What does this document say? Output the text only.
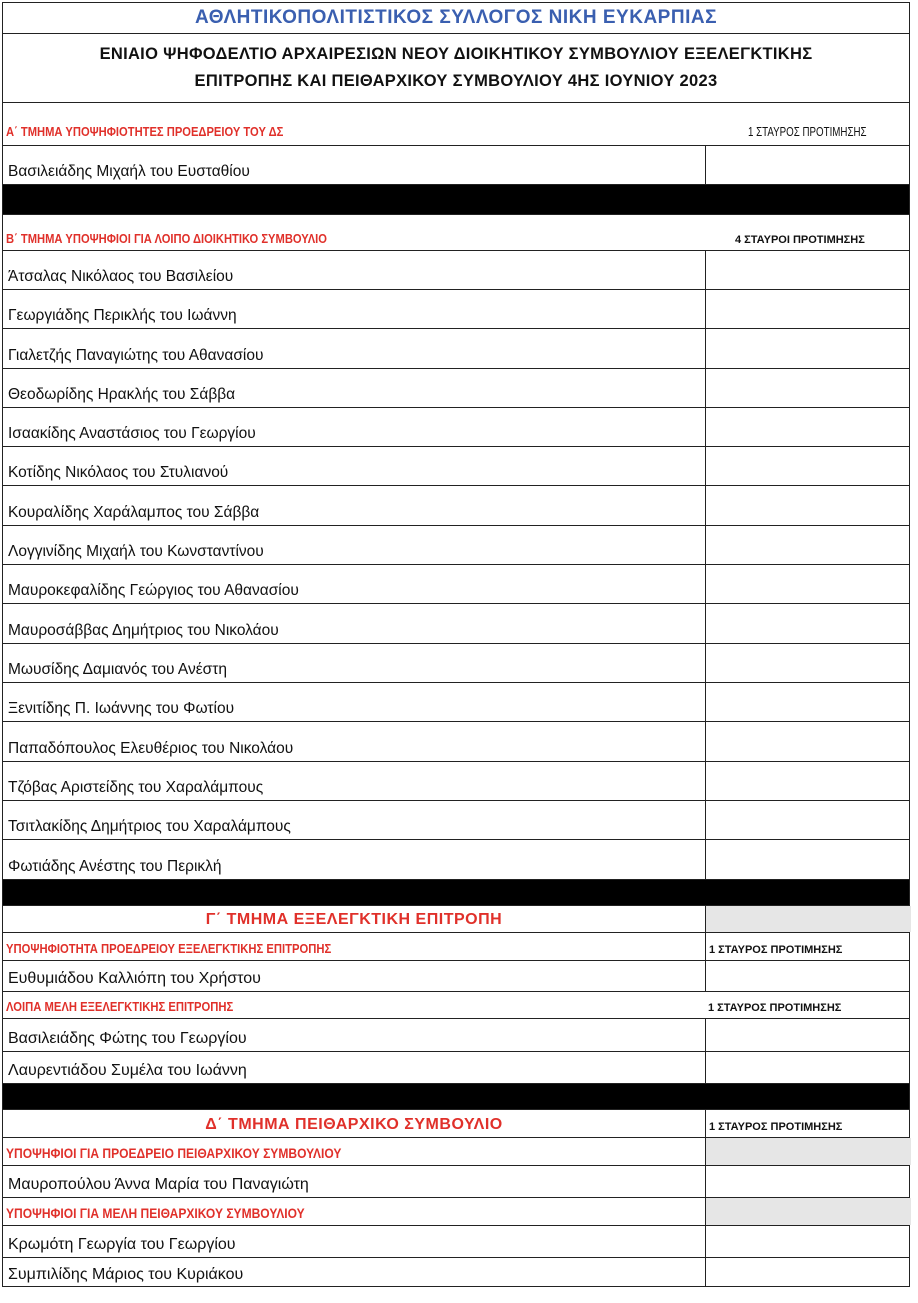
ΑΘΛΗΤΙΚΟΠΟΛΙΤΙΣΤΙΚΟΣ ΣΥΛΛΟΓΟΣ ΝΙΚΗ ΕΥΚΑΡΠΙΑΣ
ΕΝΙΑΙΟ ΨΗΦΟΔΕΛΤΙΟ ΑΡΧΑΙΡΕΣΙΩΝ ΝΕΟΥ ΔΙΟΙΚΗΤΙΚΟΥ ΣΥΜΒΟΥΛΙΟΥ ΕΞΕΛΕΓΚΤΙΚΗΣ
ΕΠΙΤΡΟΠΗΣ ΚΑΙ ΠΕΙΘΑΡΧΙΚΟΥ ΣΥΜΒΟΥΛΙΟΥ 4ΗΣ ΙΟΥΝΙΟΥ 2023
Α΄ ΤΜΗΜΑ ΥΠΟΨΗΦΙΟΤΗΤΕΣ ΠΡΟΕΔΡΕΙΟΥ ΤΟΥ ΔΣ	1 ΣΤΑΥΡΟΣ ΠΡΟΤΙΜΗΣΗΣ
Βασιλειάδης Μιχαήλ του Ευσταθίου
Β΄ ΤΜΗΜΑ ΥΠΟΨΗΦΙΟΙ ΓΙΑ ΛΟΙΠΟ ΔΙΟΙΚΗΤΙΚΟ ΣΥΜΒΟΥΛΙΟ	4 ΣΤΑΥΡΟΙ ΠΡΟΤΙΜΗΣΗΣ
Άτσαλας Νικόλαος του Βασιλείου
Γεωργιάδης Περικλής του Ιωάννη
Γιαλετζής Παναγιώτης του Αθανασίου
Θεοδωρίδης Ηρακλής του Σάββα
Ισαακίδης Αναστάσιος του Γεωργίου
Κοτίδης Νικόλαος του Στυλιανού
Κουραλίδης Χαράλαμπος του Σάββα
Λογγινίδης Μιχαήλ του Κωνσταντίνου
Μαυροκεφαλίδης Γεώργιος του Αθανασίου
Μαυροσάββας Δημήτριος του Νικολάου
Μωυσίδης Δαμιανός του Ανέστη
Ξενιτίδης Π. Ιωάννης του Φωτίου
Παπαδόπουλος Ελευθέριος του Νικολάου
Τζόβας Αριστείδης του Χαραλάμπους
Τσιτλακίδης Δημήτριος του Χαραλάμπους
Φωτιάδης Ανέστης του Περικλή
Γ΄ ΤΜΗΜΑ ΕΞΕΛΕΓΚΤΙΚΗ ΕΠΙΤΡΟΠΗ
ΥΠΟΨΗΦΙΟΤΗΤΑ ΠΡΟΕΔΡΕΙΟΥ ΕΞΕΛΕΓΚΤΙΚΗΣ ΕΠΙΤΡΟΠΗΣ	1 ΣΤΑΥΡΟΣ ΠΡΟΤΙΜΗΣΗΣ
Ευθυμιάδου Καλλιόπη του Χρήστου
ΛΟΙΠΑ ΜΕΛΗ ΕΞΕΛΕΓΚΤΙΚΗΣ ΕΠΙΤΡΟΠΗΣ	1 ΣΤΑΥΡΟΣ ΠΡΟΤΙΜΗΣΗΣ
Βασιλειάδης Φώτης του Γεωργίου
Λαυρεντιάδου Συμέλα του Ιωάννη
Δ΄ ΤΜΗΜΑ ΠΕΙΘΑΡΧΙΚΟ ΣΥΜΒΟΥΛΙΟ	1 ΣΤΑΥΡΟΣ ΠΡΟΤΙΜΗΣΗΣ
ΥΠΟΨΗΦΙΟΙ ΓΙΑ ΠΡΟΕΔΡΕΙΟ ΠΕΙΘΑΡΧΙΚΟΥ ΣΥΜΒΟΥΛΙΟΥ
Μαυροπούλου Άννα Μαρία του Παναγιώτη
ΥΠΟΨΗΦΙΟΙ ΓΙΑ ΜΕΛΗ ΠΕΙΘΑΡΧΙΚΟΥ ΣΥΜΒΟΥΛΙΟΥ
Κρωμότη Γεωργία του Γεωργίου
Συμπιλίδης Μάριος του Κυριάκου
